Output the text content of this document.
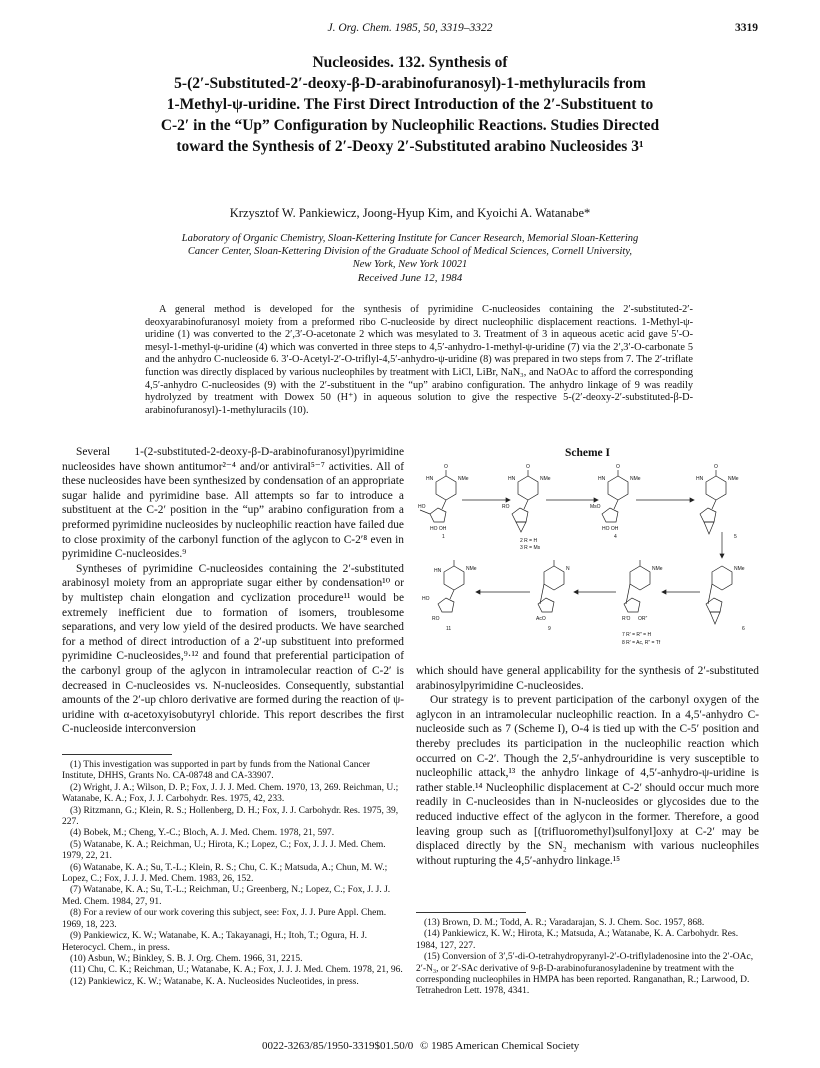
J. Org. Chem. 1985, 50, 3319–3322	3319
Nucleosides. 132. Synthesis of
5-(2′-Substituted-2′-deoxy-β-D-arabinofuranosyl)-1-methyluracils from
1-Methyl-ψ-uridine. The First Direct Introduction of the 2′-Substituent to
C-2′ in the “Up” Configuration by Nucleophilic Reactions. Studies Directed
toward the Synthesis of 2′-Deoxy 2′-Substituted arabino Nucleosides 3¹
Krzysztof W. Pankiewicz, Joong-Hyup Kim, and Kyoichi A. Watanabe*
Laboratory of Organic Chemistry, Sloan-Kettering Institute for Cancer Research, Memorial Sloan-Kettering
Cancer Center, Sloan-Kettering Division of the Graduate School of Medical Sciences, Cornell University,
New York, New York 10021
Received June 12, 1984

A general method is developed for the synthesis of pyrimidine C-nucleosides containing the 2′-substituted-2′-deoxyarabinofuranosyl moiety from a preformed ribo C-nucleoside by direct nucleophilic displacement reactions. 1-Methyl-ψ-uridine (1) was converted to the 2′,3′-O-acetonate 2 which was mesylated to 3. Treatment of 3 in aqueous acetic acid gave 5′-O-mesyl-1-methyl-ψ-uridine (4) which was converted in three steps to 4,5′-anhydro-1-methyl-ψ-uridine (7) via the 2′,3′-O-carbonate 5 and the anhydro C-nucleoside 6. 3′-O-Acetyl-2′-O-triflyl-4,5′-anhydro-ψ-uridine (8) was prepared in two steps from 7. The 2′-triflate function was directly displaced by various nucleophiles by treatment with LiCl, LiBr, NaN₃, and NaOAc to afford the corresponding 4,5′-anhydro C-nucleosides (9) with the 2′-substituent in the “up” arabino configuration. The anhydro linkage of 9 was readily hydrolyzed by treatment with Dowex 50 (H⁺) in aqueous solution to give the respective 5-(2′-deoxy-2′-substituted-β-D-arabinofuranosyl)-1-methyluracils (10).

Several 1-(2-substituted-2-deoxy-β-D-arabinofuranosyl)pyrimidine nucleosides have shown antitumor²⁻⁴ and/or antiviral⁵⁻⁷ activities. All of these nucleosides have been synthesized by condensation of an appropriate sugar halide and pyrimidine base. All attempts so far to introduce a substituent at the C-2′ position in the “up” arabino configuration from a preformed pyrimidine nucleosides by nucleophilic reaction have failed due to close proximity of the carbonyl function of the aglycon to C-2′⁸ even in pyrimidine C-nucleosides.⁹

Syntheses of pyrimidine C-nucleosides containing the 2′-substituted arabinosyl moiety from an appropriate sugar either by condensation¹⁰ or by multistep chain elongation and cyclization procedure¹¹ would be extremely inefficient due to formation of isomers, troublesome separations, and very low yield of the desired products. We have searched for a method of direct introduction of a 2′-up substituent into preformed pyrimidine C-nucleosides,⁹·¹² and found that preferential participation of the carbonyl group of the aglycon in intramolecular reaction of C-2′ is decreased in C-nucleosides vs. N-nucleosides. Consequently, substantial amounts of the 2′-up chloro derivative are formed during the reaction of ψ-uridine with α-acetoxyisobutyryl chloride. This report describes the first C-nucleoside interconversion

(1) This investigation was supported in part by funds from the National Cancer Institute, DHHS, Grants No. CA-08748 and CA-33907.
(2) Wright, J. A.; Wilson, D. P.; Fox, J. J. J. Med. Chem. 1970, 13, 269. Reichman, U.; Watanabe, K. A.; Fox, J. J. Carbohydr. Res. 1975, 42, 233.
(3) Ritzmann, G.; Klein, R. S.; Hollenberg, D. H.; Fox, J. J. Carbohydr. Res. 1975, 39, 227.
(4) Bobek, M.; Cheng, Y.-C.; Bloch, A. J. Med. Chem. 1978, 21, 597.
(5) Watanabe, K. A.; Reichman, U.; Hirota, K.; Lopez, C.; Fox, J. J. J. Med. Chem. 1979, 22, 21.
(6) Watanabe, K. A.; Su, T.-L.; Klein, R. S.; Chu, C. K.; Matsuda, A.; Chun, M. W.; Lopez, C.; Fox, J. J. J. Med. Chem. 1983, 26, 152.
(7) Watanabe, K. A.; Su, T.-L.; Reichman, U.; Greenberg, N.; Lopez, C.; Fox, J. J. J. Med. Chem. 1984, 27, 91.
(8) For a review of our work covering this subject, see: Fox, J. J. Pure Appl. Chem. 1969, 18, 223.
(9) Pankiewicz, K. W.; Watanabe, K. A.; Takayanagi, H.; Itoh, T.; Ogura, H. J. Heterocycl. Chem., in press.
(10) Asbun, W.; Binkley, S. B. J. Org. Chem. 1966, 31, 2215.
(11) Chu, C. K.; Reichman, U.; Watanabe, K. A.; Fox, J. J. J. Med. Chem. 1978, 21, 96.
(12) Pankiewicz, K. W.; Watanabe, K. A. Nucleosides Nucleotides, in press.
Scheme I
HO	RO	MsO
HO OH	HO OH
O	O	O	O
NMe	NMe	NMe	NMe
HN	HN	HN	HN
NMe	N	NMe	NMe
HN
HO
RO	AcO	R′O OR″
1
2 R = H
3 R = Ms
4	5
6
7 R′ = R″ = H
8 R′ = Ac, R″ = Tf
9
11

which should have general applicability for the synthesis of 2′-substituted arabinosylpyrimidine C-nucleosides.

Our strategy is to prevent participation of the carbonyl oxygen of the aglycon in an intramolecular nucleophilic reaction. In a 4,5′-anhydro C-nucleoside such as 7 (Scheme I), O-4 is tied up with the C-5′ position and thereby precludes its participation in the nucleophilic reaction which occurred on C-2′. Though the 2,5′-anhydrouridine is very susceptible to nucleophilic attack,¹³ the anhydro linkage of 4,5′-anhydro-ψ-uridine is rather stable.¹⁴ Nucleophilic displacement at C-2′ should occur much more readily in C-nucleosides than in N-nucleosides or glycosides due to the reduced inductive effect of the aglycon in the former. Therefore, a good leaving group such as [(trifluoromethyl)sulfonyl]oxy at C-2′ may be displaced directly by the SN₂ mechanism with various nucleophiles without rupturing the 4,5′-anhydro linkage.¹⁵

(13) Brown, D. M.; Todd, A. R.; Varadarajan, S. J. Chem. Soc. 1957, 868.
(14) Pankiewicz, K. W.; Hirota, K.; Matsuda, A.; Watanabe, K. A. Carbohydr. Res. 1984, 127, 227.
(15) Conversion of 3′,5′-di-O-tetrahydropyranyl-2′-O-triflyladenosine into the 2′-OAc, 2′-N₃, or 2′-SAc derivative of 9-β-D-arabinofuranosyladenine by treatment with the corresponding nucleophiles in HMPA has been reported. Ranganathan, R.; Larwood, D. Tetrahedron Lett. 1978, 4341.
0022-3263/85/1950-3319$01.50/0 © 1985 American Chemical Society
